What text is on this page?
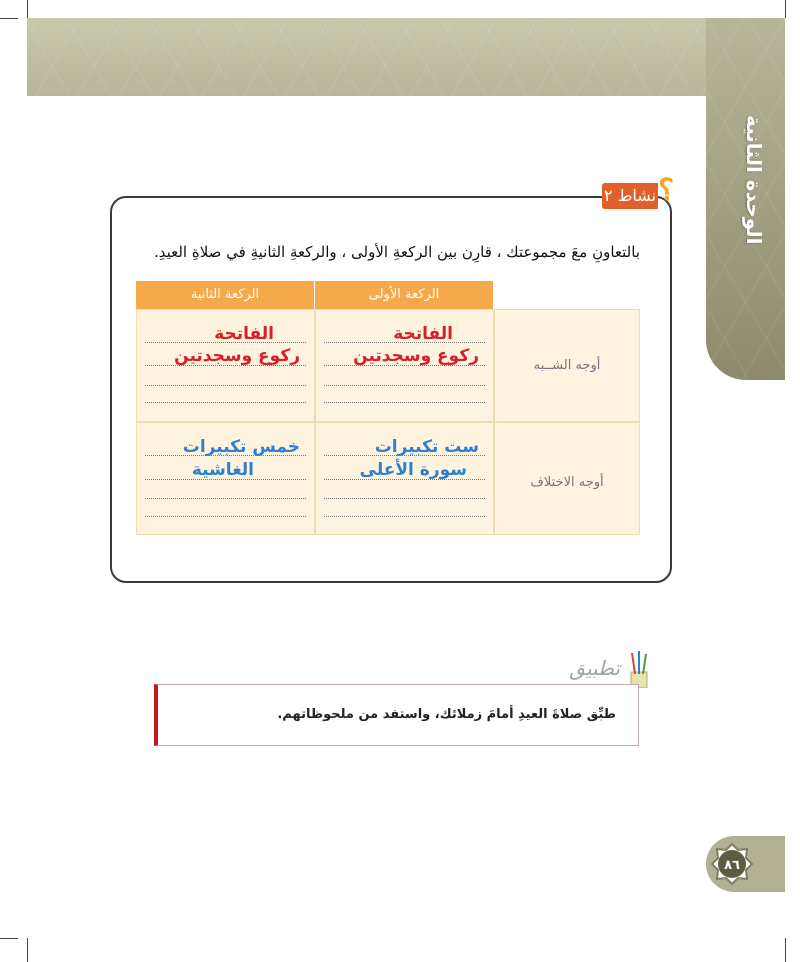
الوحدة الثانية
؟
نشاط ٢
بالتعاونِ معَ مجموعتك ، قارِن بين الركعةِ الأولى ، والركعةِ الثانيةِ في صلاةِ العيدِ.
الركعة الأولى
الركعة الثانية
أوجه الشــبه
الفاتحة
ركوع وسجدتين
الفاتحة
ركوع وسجدتين
أوجه الاختلاف
ست تكبيرات
سورة الأعلى
خمس تكبيرات
الغاشية
تطبيق
طبِّق صلاةَ العيدِ أمامَ زملائك، واستفد من ملحوظاتهم.
٨٦
